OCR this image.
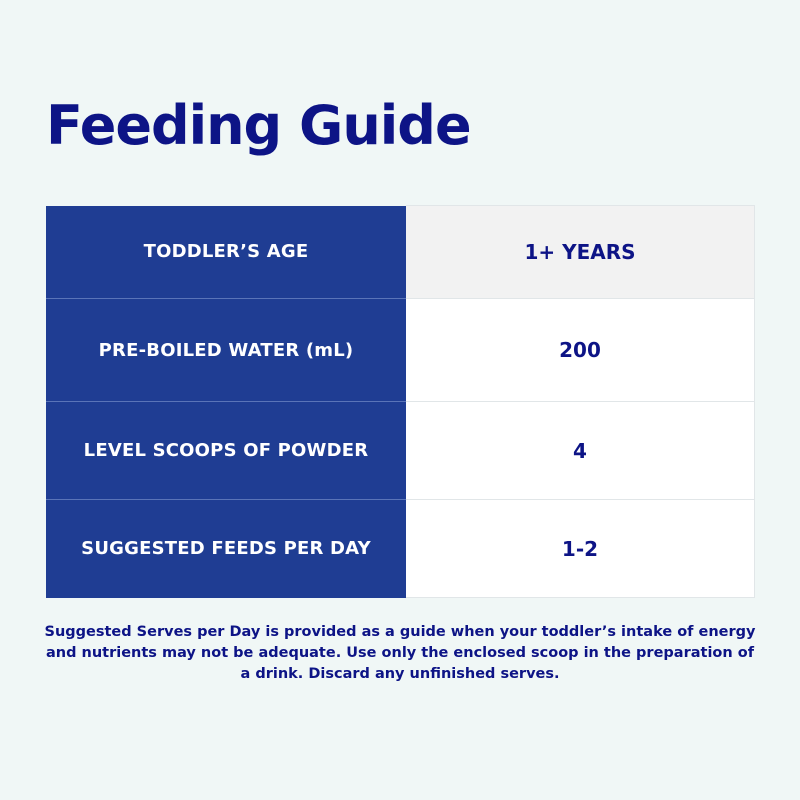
Feeding Guide
TODDLER’S AGE	1+ YEARS
PRE-BOILED WATER (mL)	200
LEVEL SCOOPS OF POWDER	4
SUGGESTED FEEDS PER DAY	1-2

Suggested Serves per Day is provided as a guide when your toddler’s intake of energy and nutrients may not be adequate. Use only the enclosed scoop in the preparation of a drink. Discard any unfinished serves.
